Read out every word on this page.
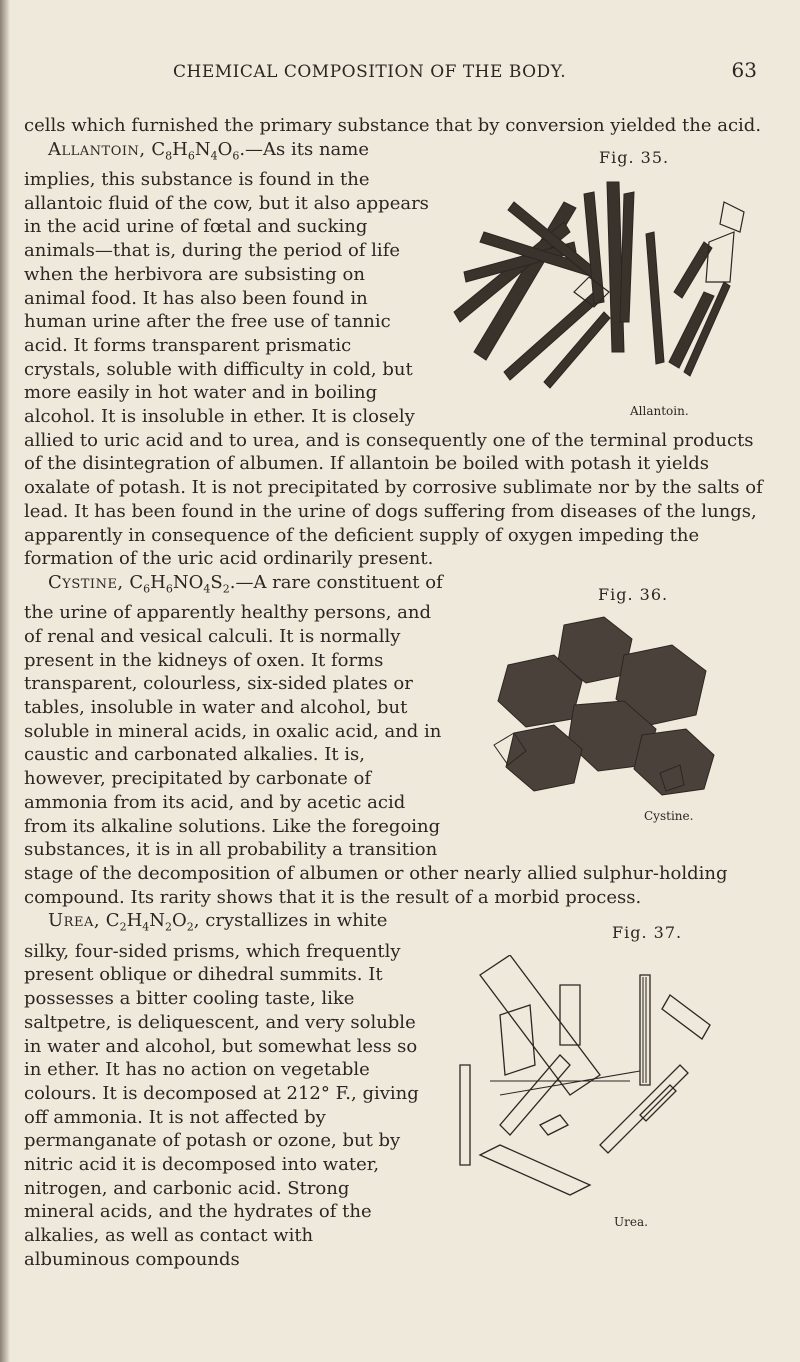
CHEMICAL COMPOSITION OF THE BODY.	63

cells which furnished the primary substance that by conversion yielded the acid.

Fig. 35.
Allantoin.

Allantoin, $C_8H_6N_4O_6.—As$ its name implies, this substance is found in the allantoic fluid of the cow, but it also appears in the acid urine of fœtal and sucking animals—that is, during the period of life when the herbivora are subsisting on animal food. It has also been found in human urine after the free use of tannic acid. It forms transparent prismatic crystals, soluble with difficulty in cold, but more easily in hot water and in boiling alcohol. It is insoluble in ether. It is closely allied to uric acid and to urea, and is consequently one of the terminal products of the disintegration of albumen. If allantoin be boiled with potash it yields oxalate of potash. It is not precipitated by corrosive sublimate nor by the salts of lead. It has been found in the urine of dogs suffering from diseases of the lungs, apparently in consequence of the deficient supply of oxygen impeding the formation of the uric acid ordinarily present.

Fig. 36.
Cystine.

Cystine, $C_6H_6NO_4S_2.—A$ rare constituent of the urine of apparently healthy persons, and of renal and vesical calculi. It is normally present in the kidneys of oxen. It forms transparent, colourless, six-sided plates or tables, insoluble in water and alcohol, but soluble in mineral acids, in oxalic acid, and in caustic and carbonated alkalies. It is, however, precipitated by carbonate of ammonia from its acid, and by acetic acid from its alkaline solutions. Like the foregoing substances, it is in all probability a transition stage of the decomposition of albumen or other nearly allied sulphur-holding compound. Its rarity shows that it is the result of a morbid process.

Fig. 37.
Urea.

Urea, $C_2H_4N_2O_2$, crystallizes in white silky, four-sided prisms, which frequently present oblique or dihedral summits. It possesses a bitter cooling taste, like saltpetre, is deliquescent, and very soluble in water and alcohol, but somewhat less so in ether. It has no action on vegetable colours. It is decomposed at 212° F., giving off ammonia. It is not affected by permanganate of potash or ozone, but by nitric acid it is decomposed into water, nitrogen, and carbonic acid. Strong mineral acids, and the hydrates of the alkalies, as well as contact with albuminous compounds
